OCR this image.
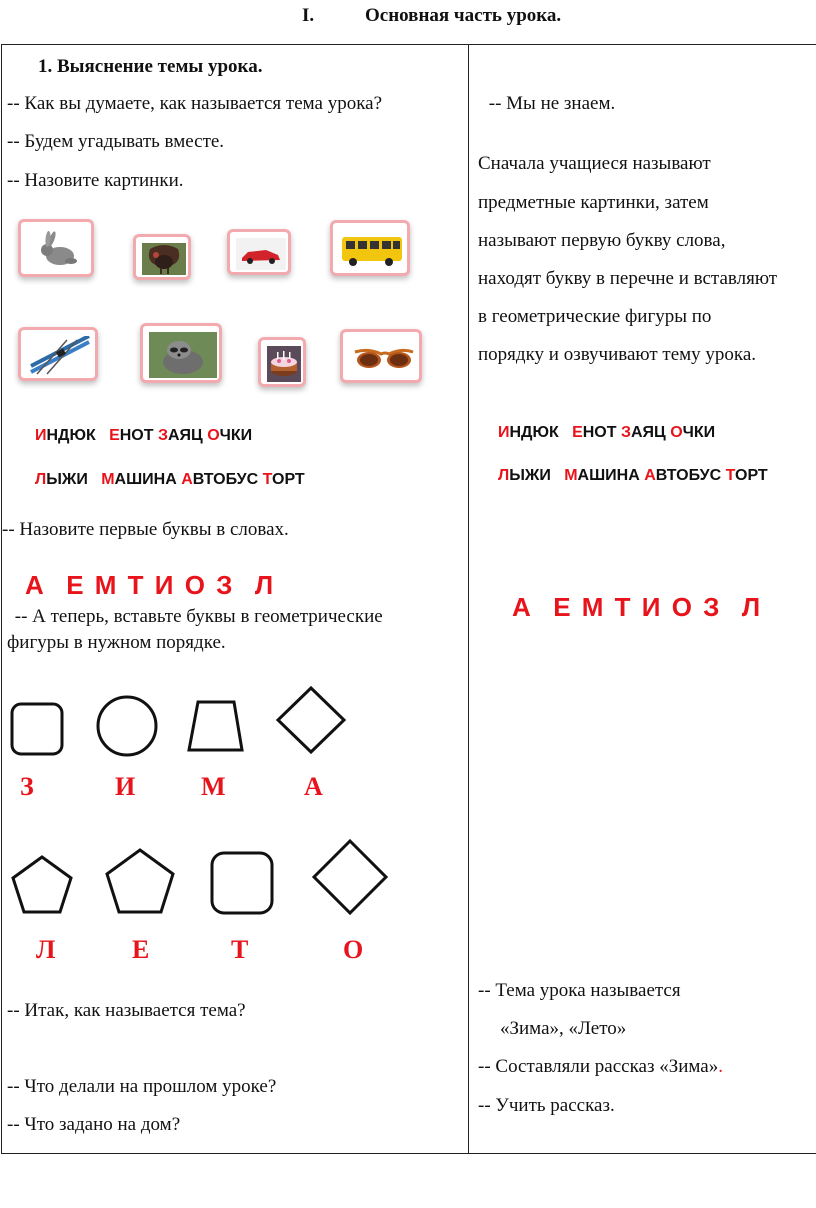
I.	Основная часть урока.
1. Выяснение темы урока.
-- Как вы думаете, как называется тема урока?
-- Будем угадывать вместе.
-- Назовите картинки.
ИНДЮК ЕНОТ ЗАЯЦ ОЧКИ
ЛЫЖИ МАШИНА АВТОБУС ТОРТ
-- Назовите первые буквы в словах.
А  Е М Т И О З  Л
-- А теперь, вставьте буквы в геометрические
фигуры в нужном порядке.
З	И	М	А
Л	Е	Т	О
-- Итак, как называется тема?
-- Что делали на прошлом уроке?
-- Что задано на дом?
-- Мы не знаем.
Сначала учащиеся называют
предметные картинки, затем
называют первую букву слова,
находят букву в перечне и вставляют
в геометрические фигуры по
порядку и озвучивают тему урока.
ИНДЮК ЕНОТ ЗАЯЦ ОЧКИ
ЛЫЖИ МАШИНА АВТОБУС ТОРТ
А  Е М Т И О З  Л
-- Тема урока называется
«Зима», «Лето»
-- Составляли рассказ «Зима».
-- Учить рассказ.
